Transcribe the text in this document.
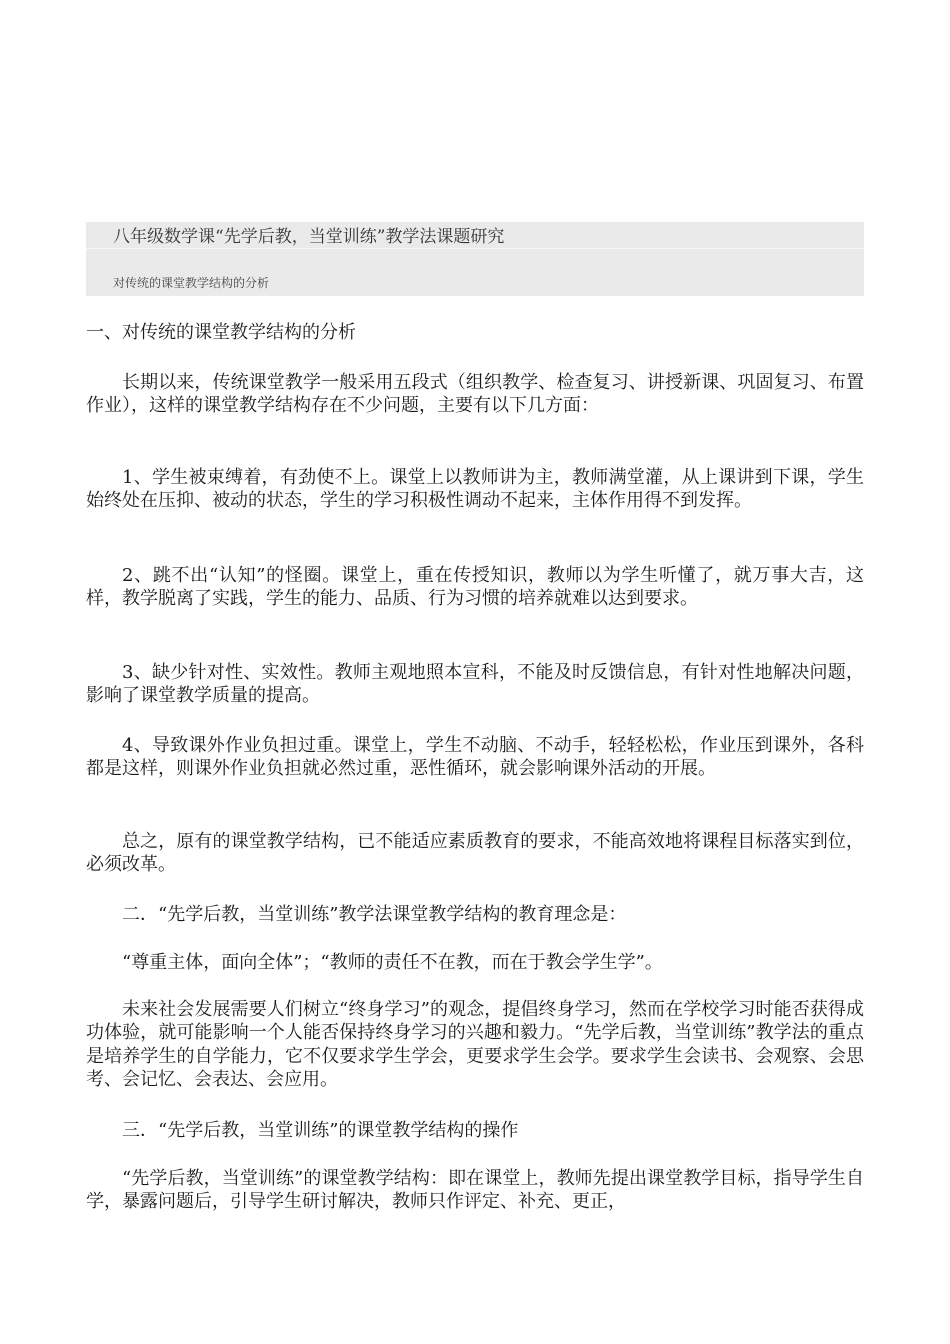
八年级数学课“先学后教，当堂训练”教学法课题研究
对传统的课堂教学结构的分析
一、对传统的课堂教学结构的分析

长期以来，传统课堂教学一般采用五段式（组织教学、检查复习、讲授新课、巩固复习、布置作业），这样的课堂教学结构存在不少问题，主要有以下几方面：

1、学生被束缚着，有劲使不上。课堂上以教师讲为主，教师满堂灌，从上课讲到下课，学生始终处在压抑、被动的状态，学生的学习积极性调动不起来，主体作用得不到发挥。

2、跳不出“认知”的怪圈。课堂上，重在传授知识，教师以为学生听懂了，就万事大吉，这样，教学脱离了实践，学生的能力、品质、行为习惯的培养就难以达到要求。

3、缺少针对性、实效性。教师主观地照本宣科，不能及时反馈信息，有针对性地解决问题，影响了课堂教学质量的提高。

4、导致课外作业负担过重。课堂上，学生不动脑、不动手，轻轻松松，作业压到课外，各科都是这样，则课外作业负担就必然过重，恶性循环，就会影响课外活动的开展。

总之，原有的课堂教学结构，已不能适应素质教育的要求，不能高效地将课程目标落实到位，必须改革。

二．“先学后教，当堂训练”教学法课堂教学结构的教育理念是：

“尊重主体，面向全体”；“教师的责任不在教，而在于教会学生学”。

未来社会发展需要人们树立“终身学习”的观念，提倡终身学习，然而在学校学习时能否获得成功体验，就可能影响一个人能否保持终身学习的兴趣和毅力。“先学后教，当堂训练”教学法的重点是培养学生的自学能力，它不仅要求学生学会，更要求学生会学。要求学生会读书、会观察、会思考、会记忆、会表达、会应用。

三．“先学后教，当堂训练”的课堂教学结构的操作

“先学后教，当堂训练”的课堂教学结构：即在课堂上，教师先提出课堂教学目标，指导学生自学，暴露问题后，引导学生研讨解决，教师只作评定、补充、更正，
